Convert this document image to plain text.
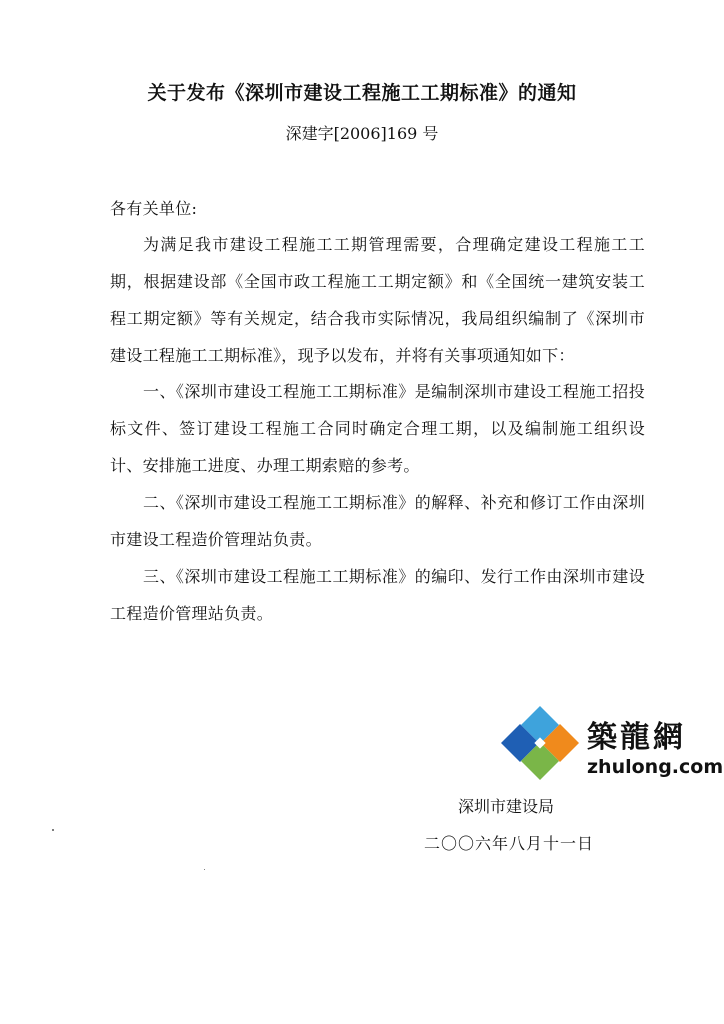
关于发布《深圳市建设工程施工工期标准》的通知
深建字[2006]169 号
各有关单位:
为满足我市建设工程施工工期管理需要，合理确定建设工程施工工期，根据建设部《全国市政工程施工工期定额》和《全国统一建筑安装工程工期定额》等有关规定，结合我市实际情况，我局组织编制了《深圳市建设工程施工工期标准》，现予以发布，并将有关事项通知如下：
一、《深圳市建设工程施工工期标准》是编制深圳市建设工程施工招投标文件、签订建设工程施工合同时确定合理工期，以及编制施工组织设计、安排施工进度、办理工期索赔的参考。
二、《深圳市建设工程施工工期标准》的解释、补充和修订工作由深圳市建设工程造价管理站负责。
三、《深圳市建设工程施工工期标准》的编印、发行工作由深圳市建设工程造价管理站负责。
築龍網
zhulong.com
深圳市建设局
二〇〇六年八月十一日
